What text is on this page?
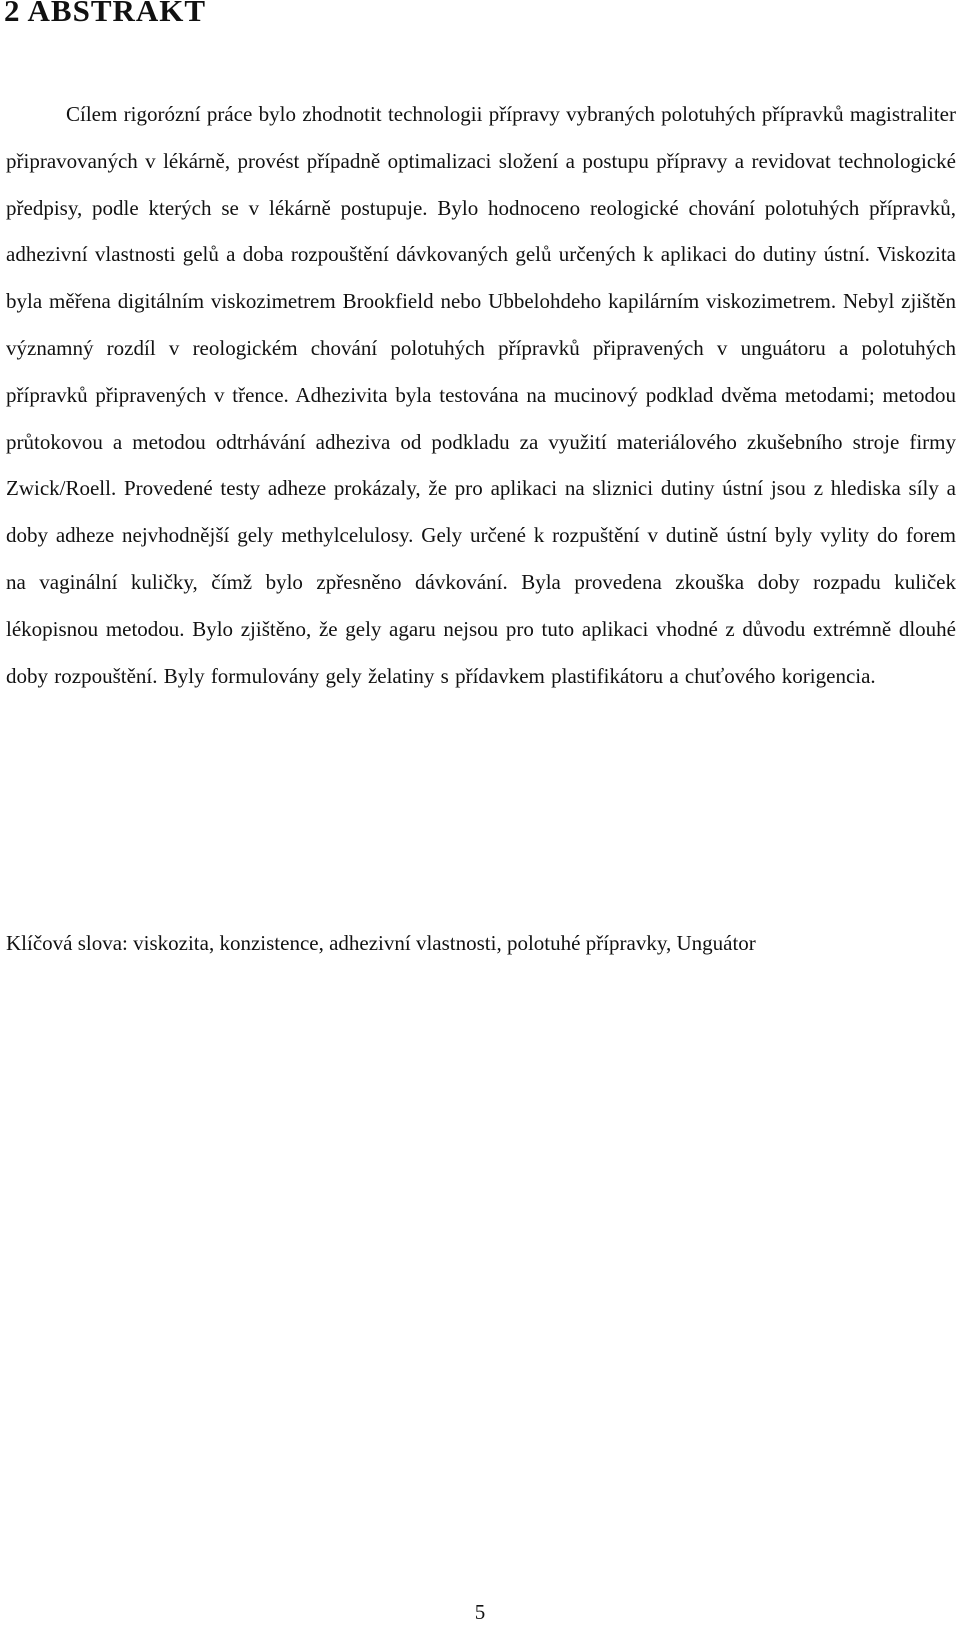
2 ABSTRAKT

Cílem rigorózní práce bylo zhodnotit technologii přípravy vybraných polotuhých přípravků magistraliter připravovaných v lékárně, provést případně optimalizaci složení a postupu přípravy a revidovat technologické předpisy, podle kterých se v lékárně postupuje. Bylo hodnoceno reologické chování polotuhých přípravků, adhezivní vlastnosti gelů a doba rozpouštění dávkovaných gelů určených k aplikaci do dutiny ústní. Viskozita byla měřena digitálním viskozimetrem Brookfield nebo Ubbelohdeho kapilárním viskozimetrem. Nebyl zjištěn významný rozdíl v reologickém chování polotuhých přípravků připravených v unguátoru a polotuhých přípravků připravených v třence. Adhezivita byla testována na mucinový podklad dvěma metodami; metodou průtokovou a metodou odtrhávání adheziva od podkladu za využití materiálového zkušebního stroje firmy Zwick/Roell. Provedené testy adheze prokázaly, že pro aplikaci na sliznici dutiny ústní jsou z hlediska síly a doby adheze nejvhodnější gely methylcelulosy. Gely určené k rozpuštění v dutině ústní byly vylity do forem na vaginální kuličky, čímž bylo zpřesněno dávkování. Byla provedena zkouška doby rozpadu kuliček lékopisnou metodou. Bylo zjištěno, že gely agaru nejsou pro tuto aplikaci vhodné z důvodu extrémně dlouhé doby rozpouštění. Byly formulovány gely želatiny s přídavkem plastifikátoru a chuťového korigencia.

Klíčová slova: viskozita, konzistence, adhezivní vlastnosti, polotuhé přípravky, Unguátor

5
